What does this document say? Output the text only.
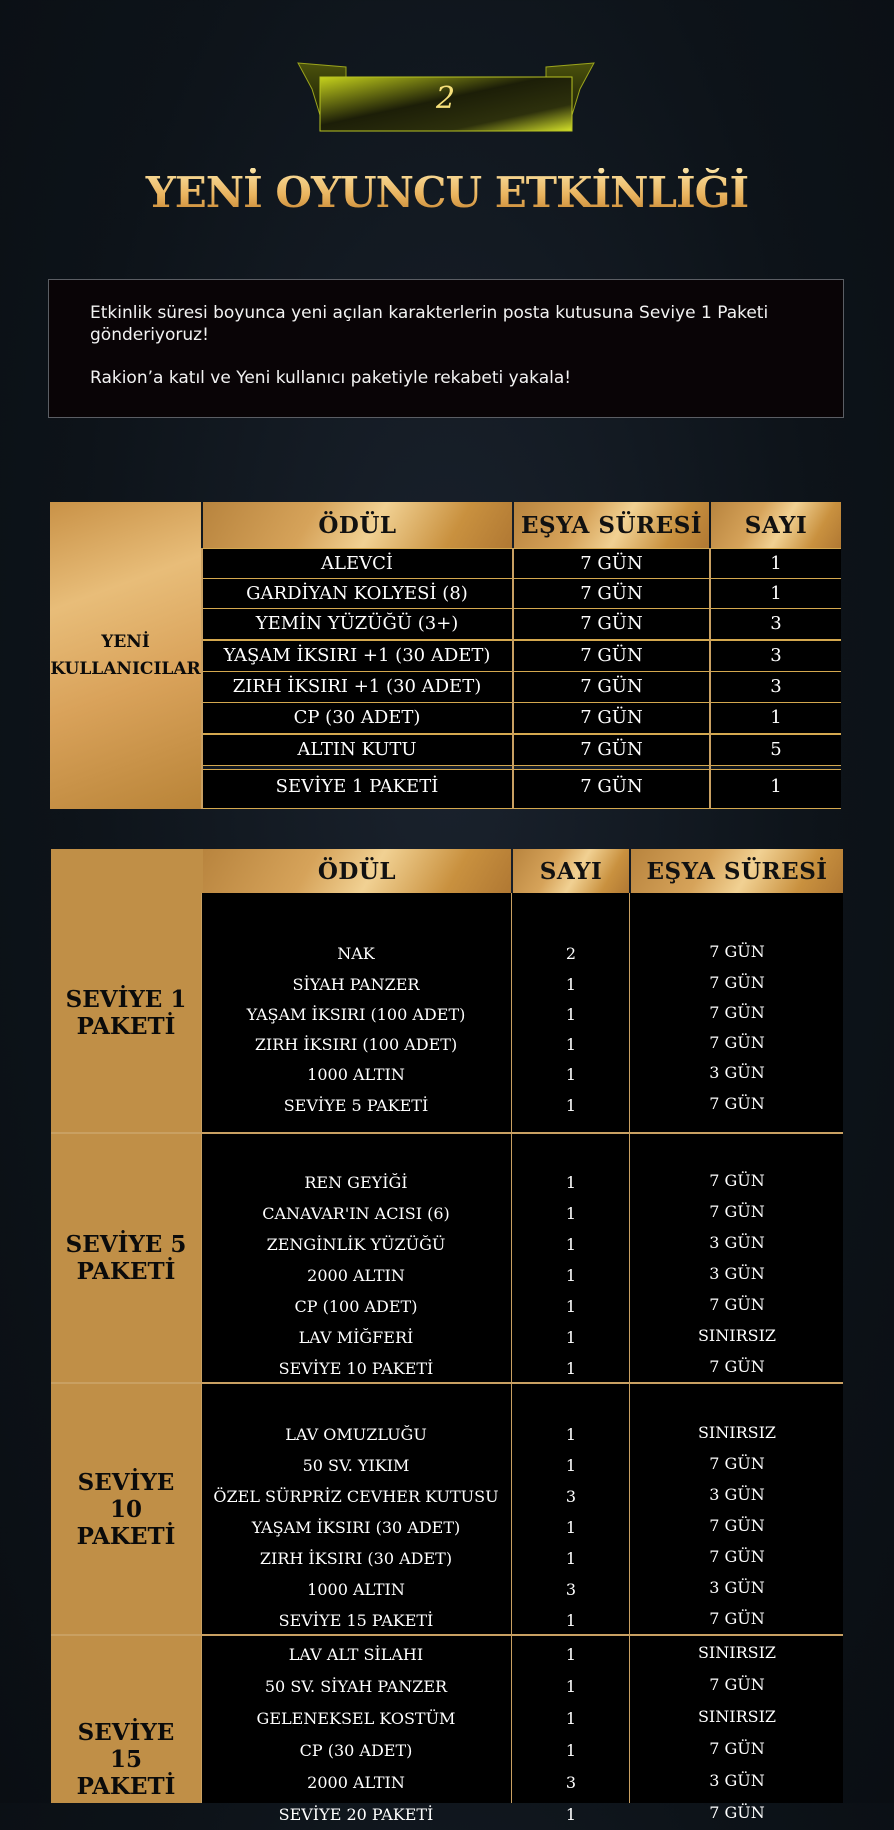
2
YENİ OYUNCU ETKİNLİĞİ

Etkinlik süresi boyunca yeni açılan karakterlerin posta kutusuna Seviye 1 Paketi gönderiyoruz!

Rakion’a katıl ve Yeni kullanıcı paketiyle rekabeti yakala!

YENİ KULLANICILAR
ÖDÜL	EŞYA SÜRESİ	SAYI
ALEVCİ	7 GÜN	1
GARDİYAN KOLYESİ (8)	7 GÜN	1
YEMİN YÜZÜĞÜ (3+)	7 GÜN	3
YAŞAM İKSIRI +1 (30 ADET)	7 GÜN	3
ZIRH İKSIRI +1 (30 ADET)	7 GÜN	3
CP (30 ADET)	7 GÜN	1
ALTIN KUTU	7 GÜN	5
SEVİYE 1 PAKETİ	7 GÜN	1
ÖDÜL	SAYI	EŞYA SÜRESİ
SEVİYE 1 PAKETİ
NAK	2	7 GÜN
SİYAH PANZER	1	7 GÜN
YAŞAM İKSIRI (100 ADET)	1	7 GÜN
ZIRH İKSIRI (100 ADET)	1	7 GÜN
1000 ALTIN	1	3 GÜN
SEVİYE 5 PAKETİ	1	7 GÜN
SEVİYE 5 PAKETİ
REN GEYİĞİ	1	7 GÜN
CANAVAR'IN ACISI (6)	1	7 GÜN
ZENGİNLİK YÜZÜĞÜ	1	3 GÜN
2000 ALTIN	1	3 GÜN
CP (100 ADET)	1	7 GÜN
LAV MİĞFERİ	1	SINIRSIZ
SEVİYE 10 PAKETİ	1	7 GÜN
SEVİYE 10 PAKETİ
LAV OMUZLUĞU	1	SINIRSIZ
50 SV. YIKIM	1	7 GÜN
ÖZEL SÜRPRİZ CEVHER KUTUSU	3	3 GÜN
YAŞAM İKSIRI (30 ADET)	1	7 GÜN
ZIRH İKSIRI (30 ADET)	1	7 GÜN
1000 ALTIN	3	3 GÜN
SEVİYE 15 PAKETİ	1	7 GÜN
SEVİYE 15 PAKETİ
LAV ALT SİLAHI	1	SINIRSIZ
50 SV. SİYAH PANZER	1	7 GÜN
GELENEKSEL KOSTÜM	1	SINIRSIZ
CP (30 ADET)	1	7 GÜN
2000 ALTIN	3	3 GÜN
SEVİYE 20 PAKETİ	1	7 GÜN
